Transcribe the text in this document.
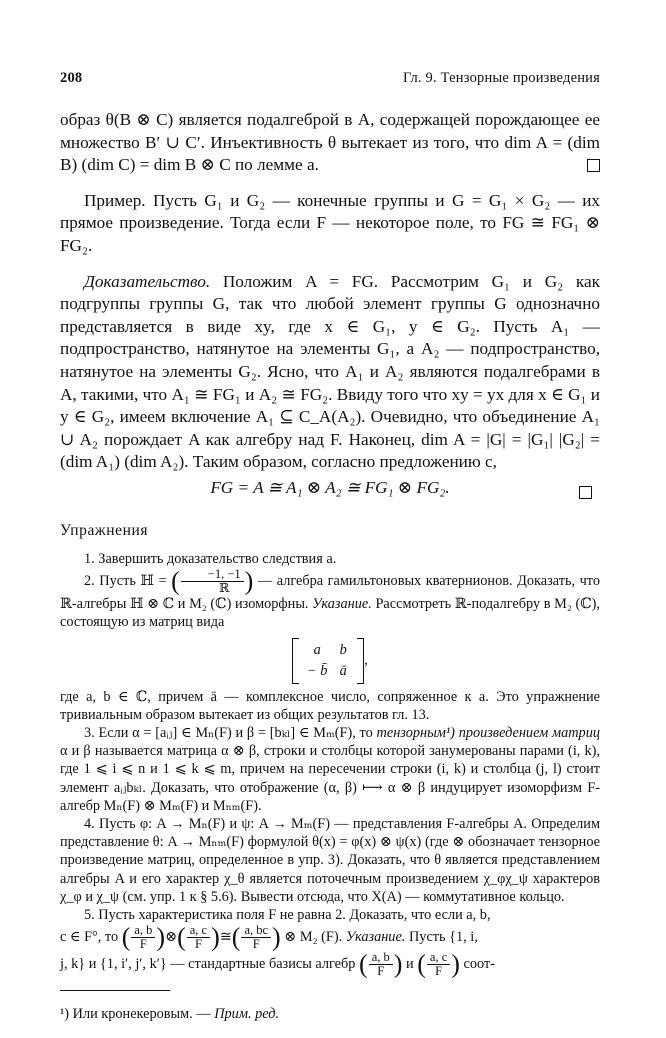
208	Гл. 9. Тензорные произведения

образ θ(B ⊗ C) является подалгеброй в A, содержащей порождающее ее множество B′ ∪ C′. Инъективность θ вытекает из того, что dim A = (dim B) (dim C) = dim B ⊗ C по лемме a.

Пример. Пусть G₁ и G₂ — конечные группы и G = G₁ × G₂ — их прямое произведение. Тогда если F — некоторое поле, то FG ≅ FG₁ ⊗ FG₂.

Доказательство. Положим A = FG. Рассмотрим G₁ и G₂ как подгруппы группы G, так что любой элемент группы G однозначно представляется в виде xy, где x ∈ G₁, y ∈ G₂. Пусть A₁ — подпространство, натянутое на элементы G₁, а A₂ — подпространство, натянутое на элементы G₂. Ясно, что A₁ и A₂ являются подалгебрами в A, такими, что A₁ ≅ FG₁ и A₂ ≅ FG₂. Ввиду того что xy = yx для x ∈ G₁ и y ∈ G₂, имеем включение A₁ ⊆ C_A(A₂). Очевидно, что объединение A₁ ∪ A₂ порождает A как алгебру над F. Наконец, dim A = |G| = |G₁| |G₂| = (dim A₁) (dim A₂). Таким образом, согласно предложению c,

FG = A ≅ A₁ ⊗ A₂ ≅ FG₁ ⊗ FG₂.
Упражнения

1. Завершить доказательство следствия a.

2. Пусть ℍ = ( $\frac{-1, -1}{\text{ℝ}}$ ) — алгебра гамильтоновых кватернионов. Доказать, что ℝ-алгебры ℍ ⊗ ℂ и M₂ (ℂ) изоморфны. Указание. Рассмотреть ℝ-подалгебру в M₂ (ℂ), состоящую из матриц вида

a	b
− b̄ ā
,

где a, b ∈ ℂ, причем ā — комплексное число, сопряженное к a. Это упражнение тривиальным образом вытекает из общих результатов гл. 13.

3. Если α = [aᵢⱼ] ∈ Mₙ(F) и β = [bₖₗ] ∈ Mₘ(F), то тензорным¹) произведением матриц α и β называется матрица α ⊗ β, строки и столбцы которой занумерованы парами (i, k), где 1 ⩽ i ⩽ n и 1 ⩽ k ⩽ m, причем на пересечении строки (i, k) и столбца (j, l) стоит элемент aᵢⱼbₖₗ. Доказать, что отображение (α, β) ⟼ α ⊗ β индуцирует изоморфизм F-алгебр Mₙ(F) ⊗ Mₘ(F) и Mₙₘ(F).

4. Пусть φ: A → Mₙ(F) и ψ: A → Mₘ(F) — представления F-алгебры A. Определим представление θ: A → Mₙₘ(F) формулой θ(x) = φ(x) ⊗ ψ(x) (где ⊗ обозначает тензорное произведение матриц, определенное в упр. 3). Доказать, что θ является представлением алгебры A и его характер χ_θ является поточечным произведением χ_φχ_ψ характеров χ_φ и χ_ψ (см. упр. 1 к § 5.6). Вывести отсюда, что X(A) — коммутативное кольцо.

5. Пусть характеристика поля F не равна 2. Доказать, что если a, b,

c ∈ F°, то ( $\frac{a, b}{F}$ )⊗( $\frac{a, c}{F}$ )≅( $\frac{a, bc}{F}$ ) ⊗ M₂ (F). Указание. Пусть {1, i,

j, k} и {1, i′, j′, k′} — стандартные базисы алгебр ( $\frac{a, b}{F}$ ) и ( $\frac{a, c}{F}$ ) соот-

¹) Или кронекеровым. — Прим. ред.
